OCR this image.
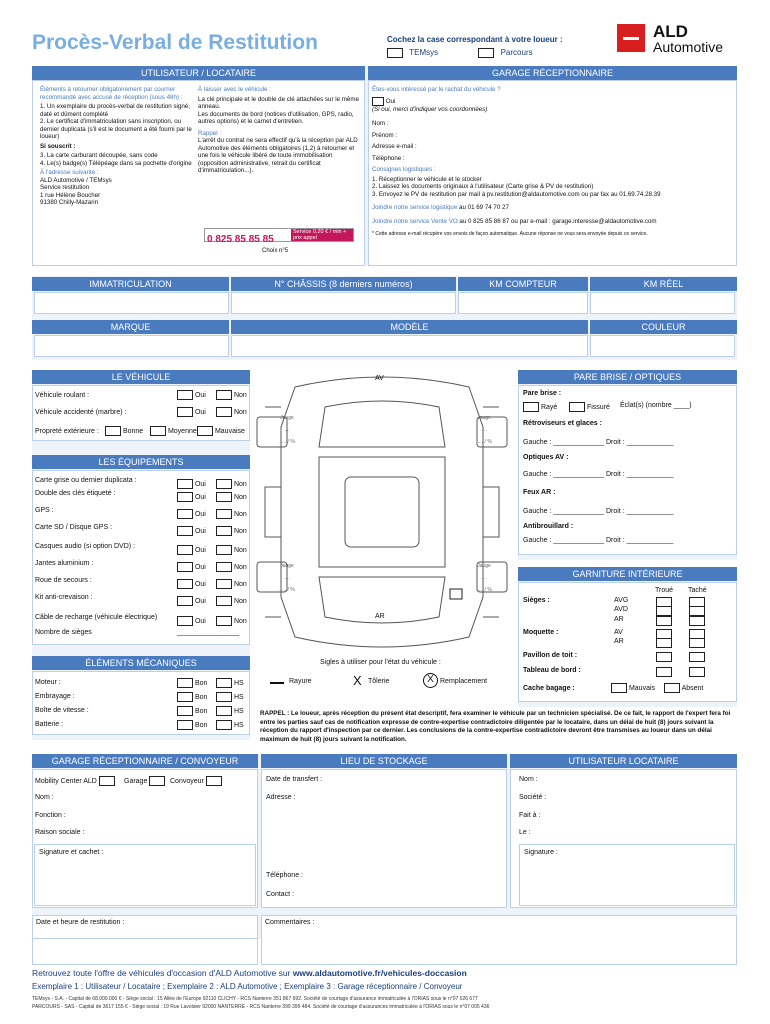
Procès-Verbal de Restitution	Cochez la case correspondant à votre loueur :
TEMsys	Parcours
ALD
Automotive
UTILISATEUR / LOCATAIRE	GARAGE RÉCEPTIONNAIRE
Éléments à retourner obligatoirement par courrier recommandé avec accusé de réception (sous 48h) :
1. Un exemplaire du procès-verbal de restitution signé, daté et dûment complété
2. Le certificat d'immatriculation sans inscription, ou dernier duplicata (s'il est le document a été fourni par le loueur)
Si souscrit :
3. La carte carburant découpée, sans code
4. Le(s) badge(s) Télépéage dans sa pochette d'origine
À l'adresse suivante :
ALD Automotive / TEMsys
Service restitution
1 rue Hélène Boucher
91380 Chilly-Mazarin
À laisser avec le véhicule :
La clé principale et le double de clé attachées sur le même anneau.
Les documents de bord (notices d'utilisation, GPS, radio, autres options) et le carnet d'entretien.
Rappel :
L'arrêt du contrat ne sera effectif qu'à la réception par ALD Automotive des éléments obligatoires (1,2) à retourner et une fois le véhicule libéré de toute immobilisation (opposition administrative, retrait du certificat d'immatriculation...).
0 825 85 85 85
Service 0,20 € / min + prix appel
Choix n°5
Êtes-vous intéressé par le rachat du véhicule ?
Oui
(Si oui, merci d'indiquer vos coordonnées)
Nom :
Prénom :
Adresse e-mail :
Téléphone :
Consignes logistiques :
1. Réceptionner le véhicule et le stocker
2. Laissez les documents originaux à l'utilisateur (Carte grise & PV de restitution)
3. Envoyez le PV de restitution par mail à pv.restitution@aldautomotive.com ou par fax au 01.69.74.28.39
Joindre notre service logistique au 01 69 74 70 27
Joindre notre service Vente VO au 0 825 85 86 87 ou par e-mail : garage.interesse@aldautomotive.com
* Cette adresse e-mail récupère vos envois de façon automatique. Aucune réponse ne vous sera envoyée depuis ce service.
IMMATRICULATION	N° CHÂSSIS (8 derniers numéros)	KM COMPTEUR	KM RÉEL
MARQUE	MODÈLE	COULEUR
LE VÉHICULE
Véhicule roulant :	Oui	Non
Véhicule accidenté (marbre) :	Oui	Non
Propreté extérieure :	Bonne	Moyenne	Mauvaise
LES ÉQUIPEMENTS
Carte grise ou dernier duplicata :
Oui	Non
Double des clés étiqueté :
Oui	Non
GPS :
Oui	Non
Carte SD / Disque GPS :
Oui	Non
Casques audio (si option DVD) :
Oui	Non
Jantes aluminium :
Oui	Non
Roue de secours :
Oui	Non
Kit anti-crevaison :
Oui	Non
Câble de recharge (véhicule électrique)
Oui	Non
Nombre de sièges	________________
ÉLÉMENTS MÉCANIQUES
Moteur :	Bon	HS
Embrayage :	Bon	HS
Boîte de vitesse :	Bon	HS
Batterie :	Bon	HS
AV
AR
Jauge
....
..... / %
Jauge
....
..... / %
Jauge
....
..... / %
Jauge
....
..... / %
Sigles à utiliser pour l'état du véhicule :
Rayure	X Tôlerie	X Remplacement
PARE BRISE / OPTIQUES
Pare brise :
Rayé	Fissuré Éclat(s) (nombre ____)
Rétroviseurs et glaces :
Gauche : _____________ Droit : ____________
Optiques AV :
Gauche : _____________ Droit : ____________
Feux AR :
Gauche : _____________ Droit : ____________
Antibrouillard :
Gauche : _____________ Droit : ____________
GARNITURE INTÉRIEURE
Troué Taché
Sièges :	AVG
AVD
AR
Moquette :	AV
AR
Pavillon de toit :
Tableau de bord :
Cache bagage :	Mauvais	Absent
RAPPEL : Le loueur, après réception du présent état descriptif, fera examiner le véhicule par un technicien spécialisé. De ce fait, le rapport de l'expert fera foi entre les parties sauf cas de notification expresse de contre-expertise contradictoire diligentée par le locataire, dans un délai de huit (8) jours suivant la réception du rapport d'inspection par ce dernier. Les conclusions de la contre-expertise contradictoire devront être transmises au loueur dans un délai maximum de huit (8) jours suivant la notification.
GARAGE RÉCEPTIONNAIRE / CONVOYEUR	LIEU DE STOCKAGE	UTILISATEUR LOCATAIRE
Mobility Center ALD	Garage	Convoyeur
Nom :
Fonction :
Raison sociale :
Signature et cachet :
Date et heure de restitution :
Date de transfert :
Adresse :
Téléphone :
Contact :
Commentaires :
Nom :
Société :
Fait à :
Le :
Signature :
Retrouvez toute l'offre de véhicules d'occasion d'ALD Automotive sur www.aldautomotive.fr/vehicules-doccasion
Exemplaire 1 : Utilisateur / Locataire ; Exemplaire 2 : ALD Automotive ; Exemplaire 3 : Garage réceptionnaire / Convoyeur
TEMsys - S.A. - Capital de 68.000.000 € - Siège social : 15 Allée de l'Europe 92110 CLICHY - RCS Nanterre 351 867 692. Société de courtage d'assurance immatriculée à l'ORIAS sous le n°07 026 677
PARCOURS - SAS - Capital de 3617 155 € - Siège social : 19 Rue Lavoisier 92000 NANTERRE - RCS Nanterre 399 399 484. Société de courtage d'assurances immatriculée à l'ORIAS sous le n°07 005 436
